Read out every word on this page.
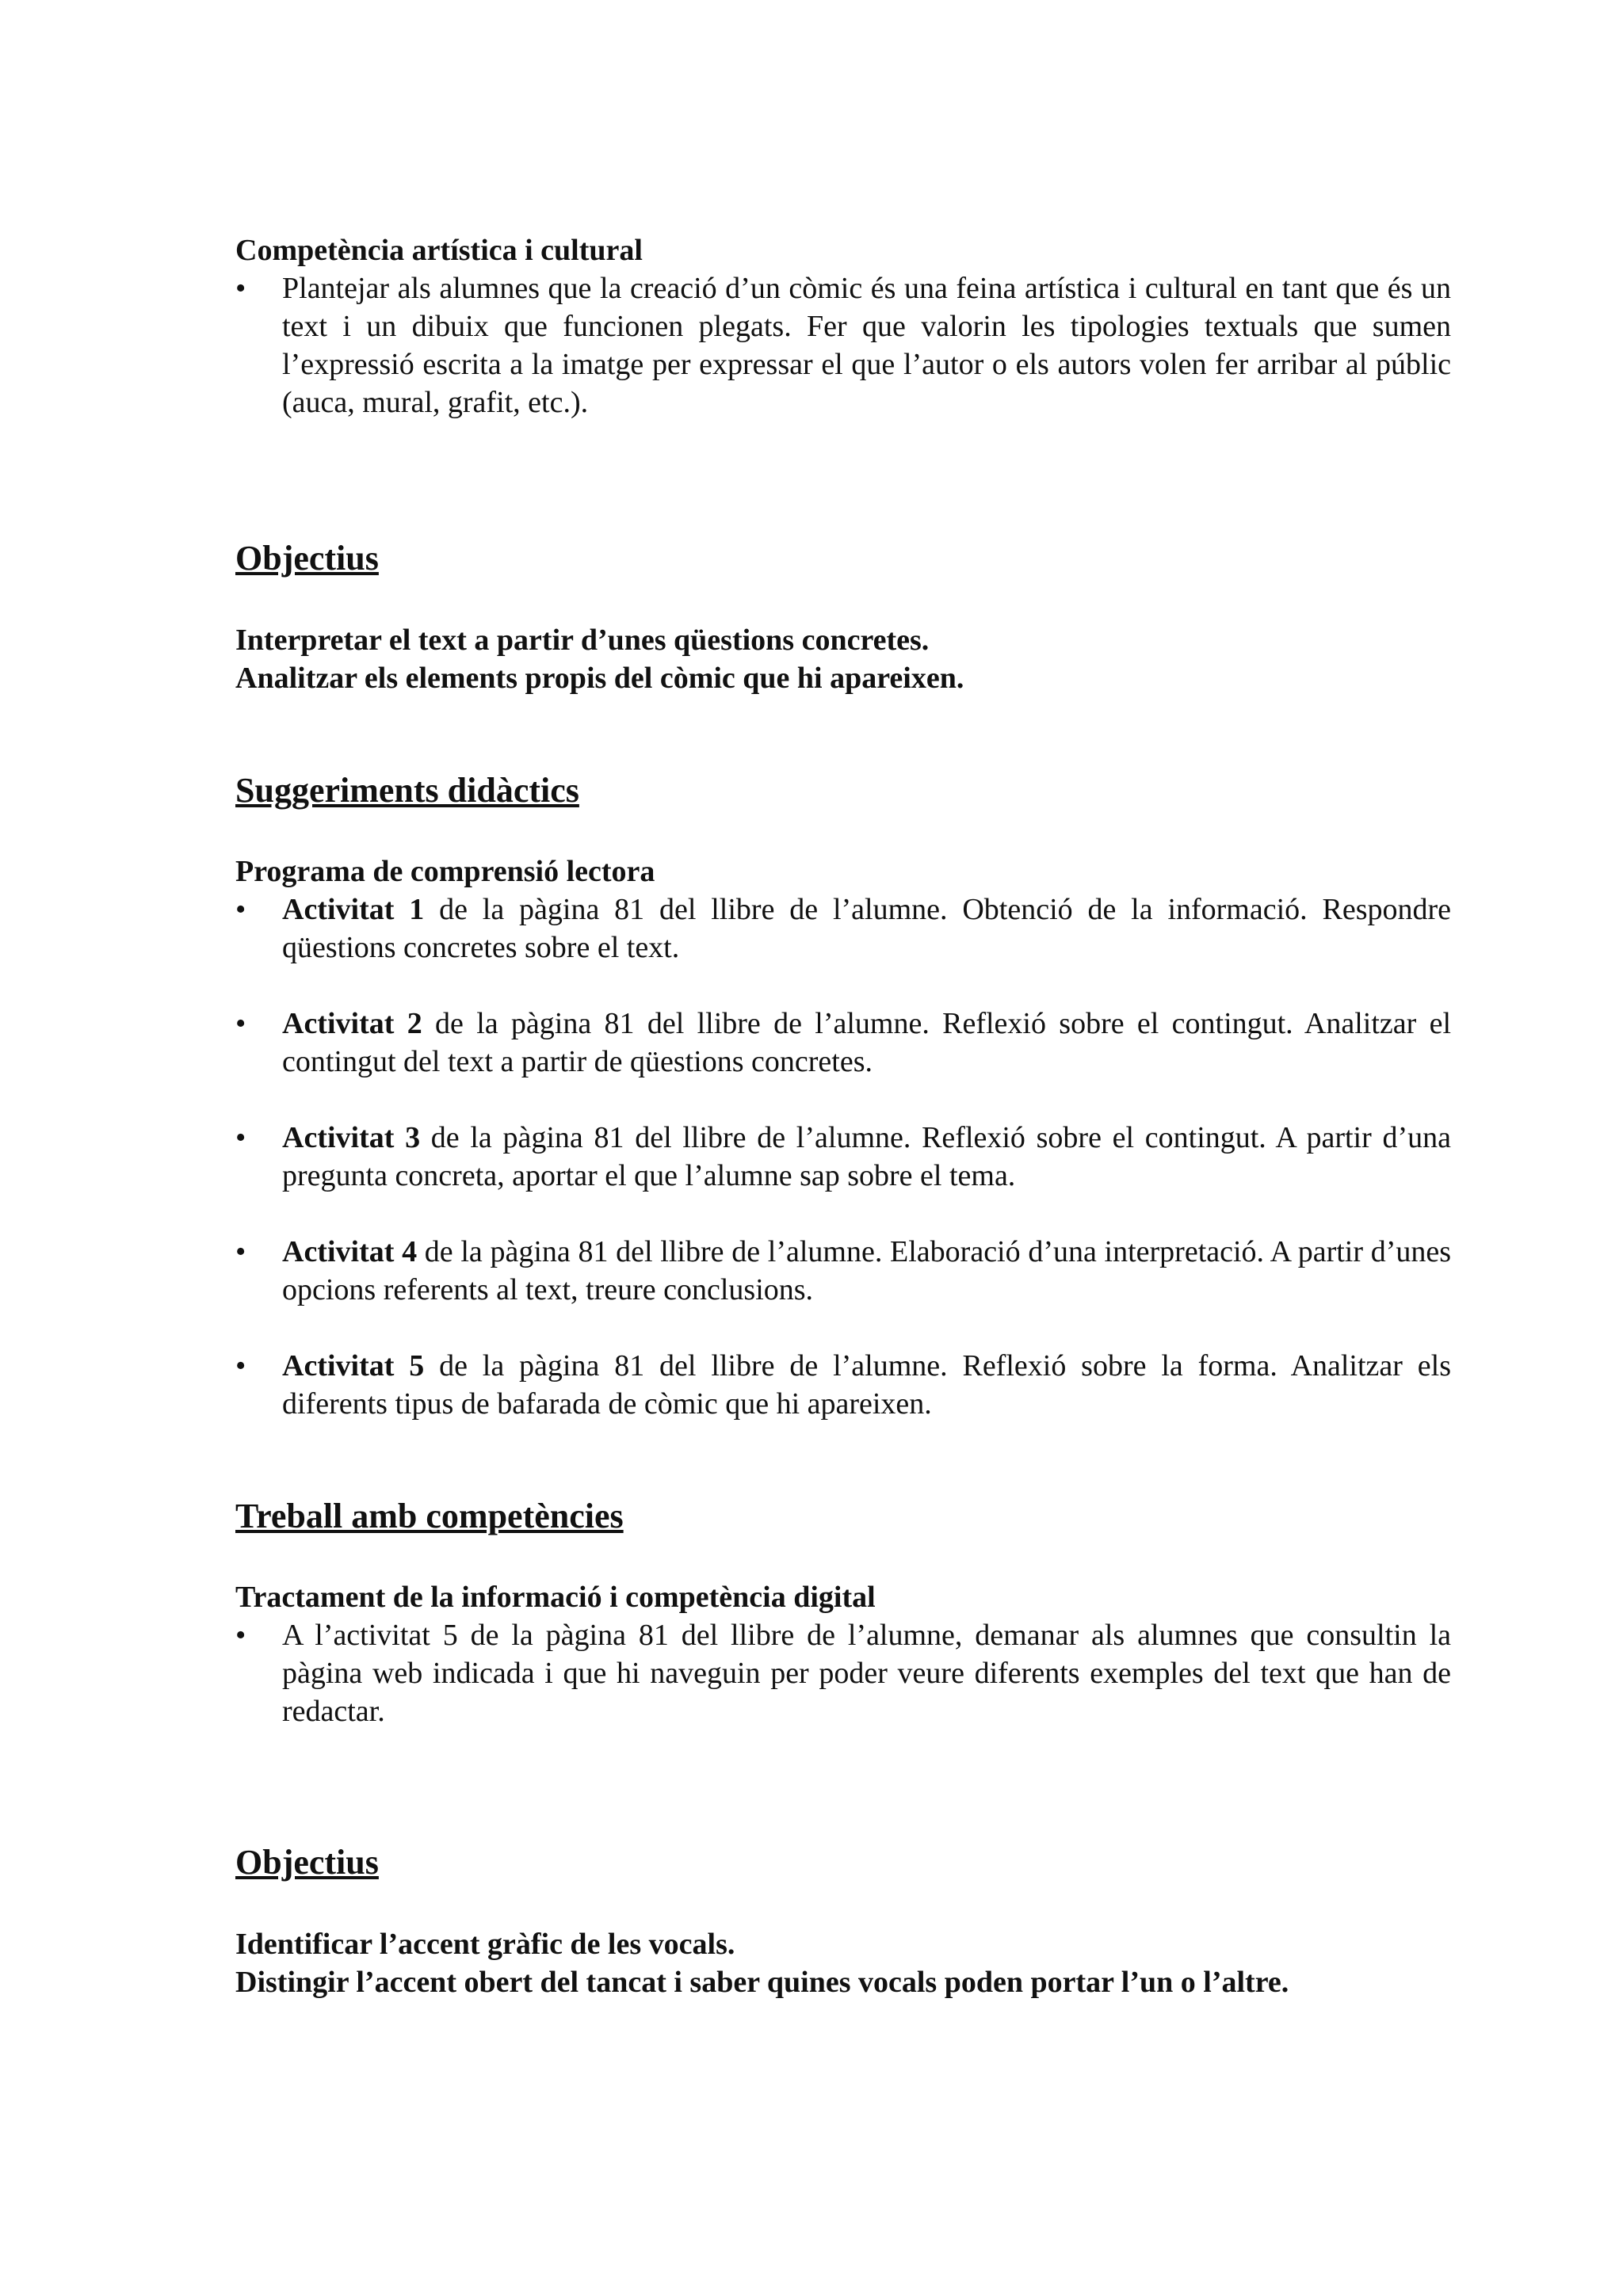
Competència artística i cultural

•	Plantejar als alumnes que la creació d’un còmic és una feina artística i cultural en tant que és un text i un dibuix que funcionen plegats. Fer que valorin les tipologies textuals que sumen l’expressió escrita a la imatge per expressar el que l’autor o els autors volen fer arribar al públic (auca, mural, grafit, etc.).

Objectius

Interpretar el text a partir d’unes qüestions concretes.

Analitzar els elements propis del còmic que hi apareixen.

Suggeriments didàctics

Programa de comprensió lectora

•	Activitat 1 de la pàgina 81 del llibre de l’alumne. Obtenció de la informació. Respondre qüestions concretes sobre el text.
•	Activitat 2 de la pàgina 81 del llibre de l’alumne. Reflexió sobre el contingut. Analitzar el contingut del text a partir de qüestions concretes.
•	Activitat 3 de la pàgina 81 del llibre de l’alumne. Reflexió sobre el contingut. A partir d’una pregunta concreta, aportar el que l’alumne sap sobre el tema.
•	Activitat 4 de la pàgina 81 del llibre de l’alumne. Elaboració d’una interpretació. A partir d’unes opcions referents al text, treure conclusions.
•	Activitat 5 de la pàgina 81 del llibre de l’alumne. Reflexió sobre la forma. Analitzar els diferents tipus de bafarada de còmic que hi apareixen.

Treball amb competències

Tractament de la informació i competència digital

•	A l’activitat 5 de la pàgina 81 del llibre de l’alumne, demanar als alumnes que consultin la pàgina web indicada i que hi naveguin per poder veure diferents exemples del text que han de redactar.

Objectius

Identificar l’accent gràfic de les vocals.

Distingir l’accent obert del tancat i saber quines vocals poden portar l’un o l’altre.
